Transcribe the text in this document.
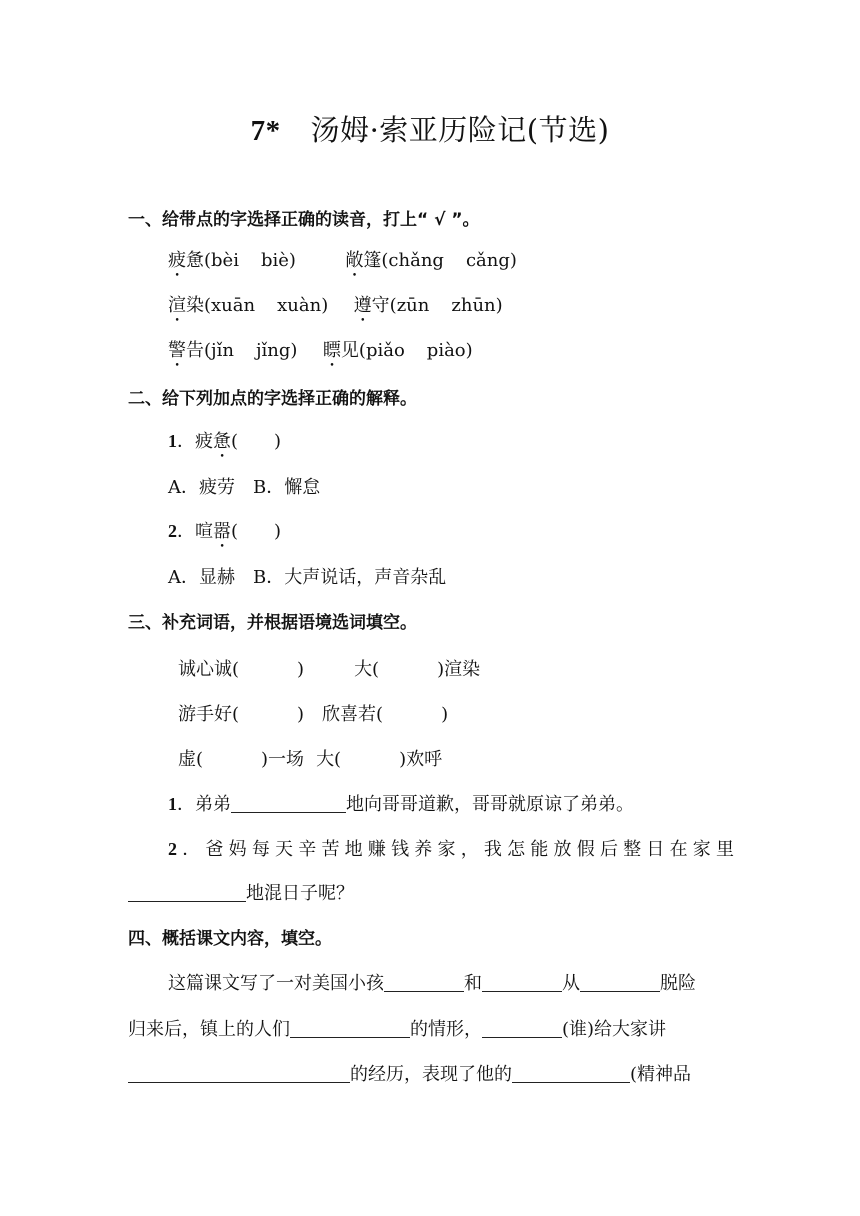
7* 汤姆·索亚历险记(节选)
一、给带点的字选择正确的读音，打上“ √ ”。
疲惫(bèi biè)  敞篷(chǎng cǎng)
渲染(xuān xuàn)  遵守(zūn zhūn)
警告(jǐn jǐng)  瞟见(piǎo piào)
二、给下列加点的字选择正确的解释。
1．疲惫(　　)
A．疲劳　B．懈怠
2．喧嚣(　　)
A．显赫　B．大声说话，声音杂乱
三、补充词语，并根据语境选词填空。
诚心诚(	)	大(	)渲染
游手好(	) 欣喜若(	)
虚(	)一场 大(	)欢呼
1．弟弟	地向哥哥道歉，哥哥就原谅了弟弟。
2．爸妈每天辛苦地赚钱养家，我怎能放假后整日在家里
地混日子呢？
四、概括课文内容，填空。
这篇课文写了一对美国小孩	和	从	脱险
归来后，镇上的人们	的情形，	(谁)给大家讲
的经历，表现了他的	(精神品
